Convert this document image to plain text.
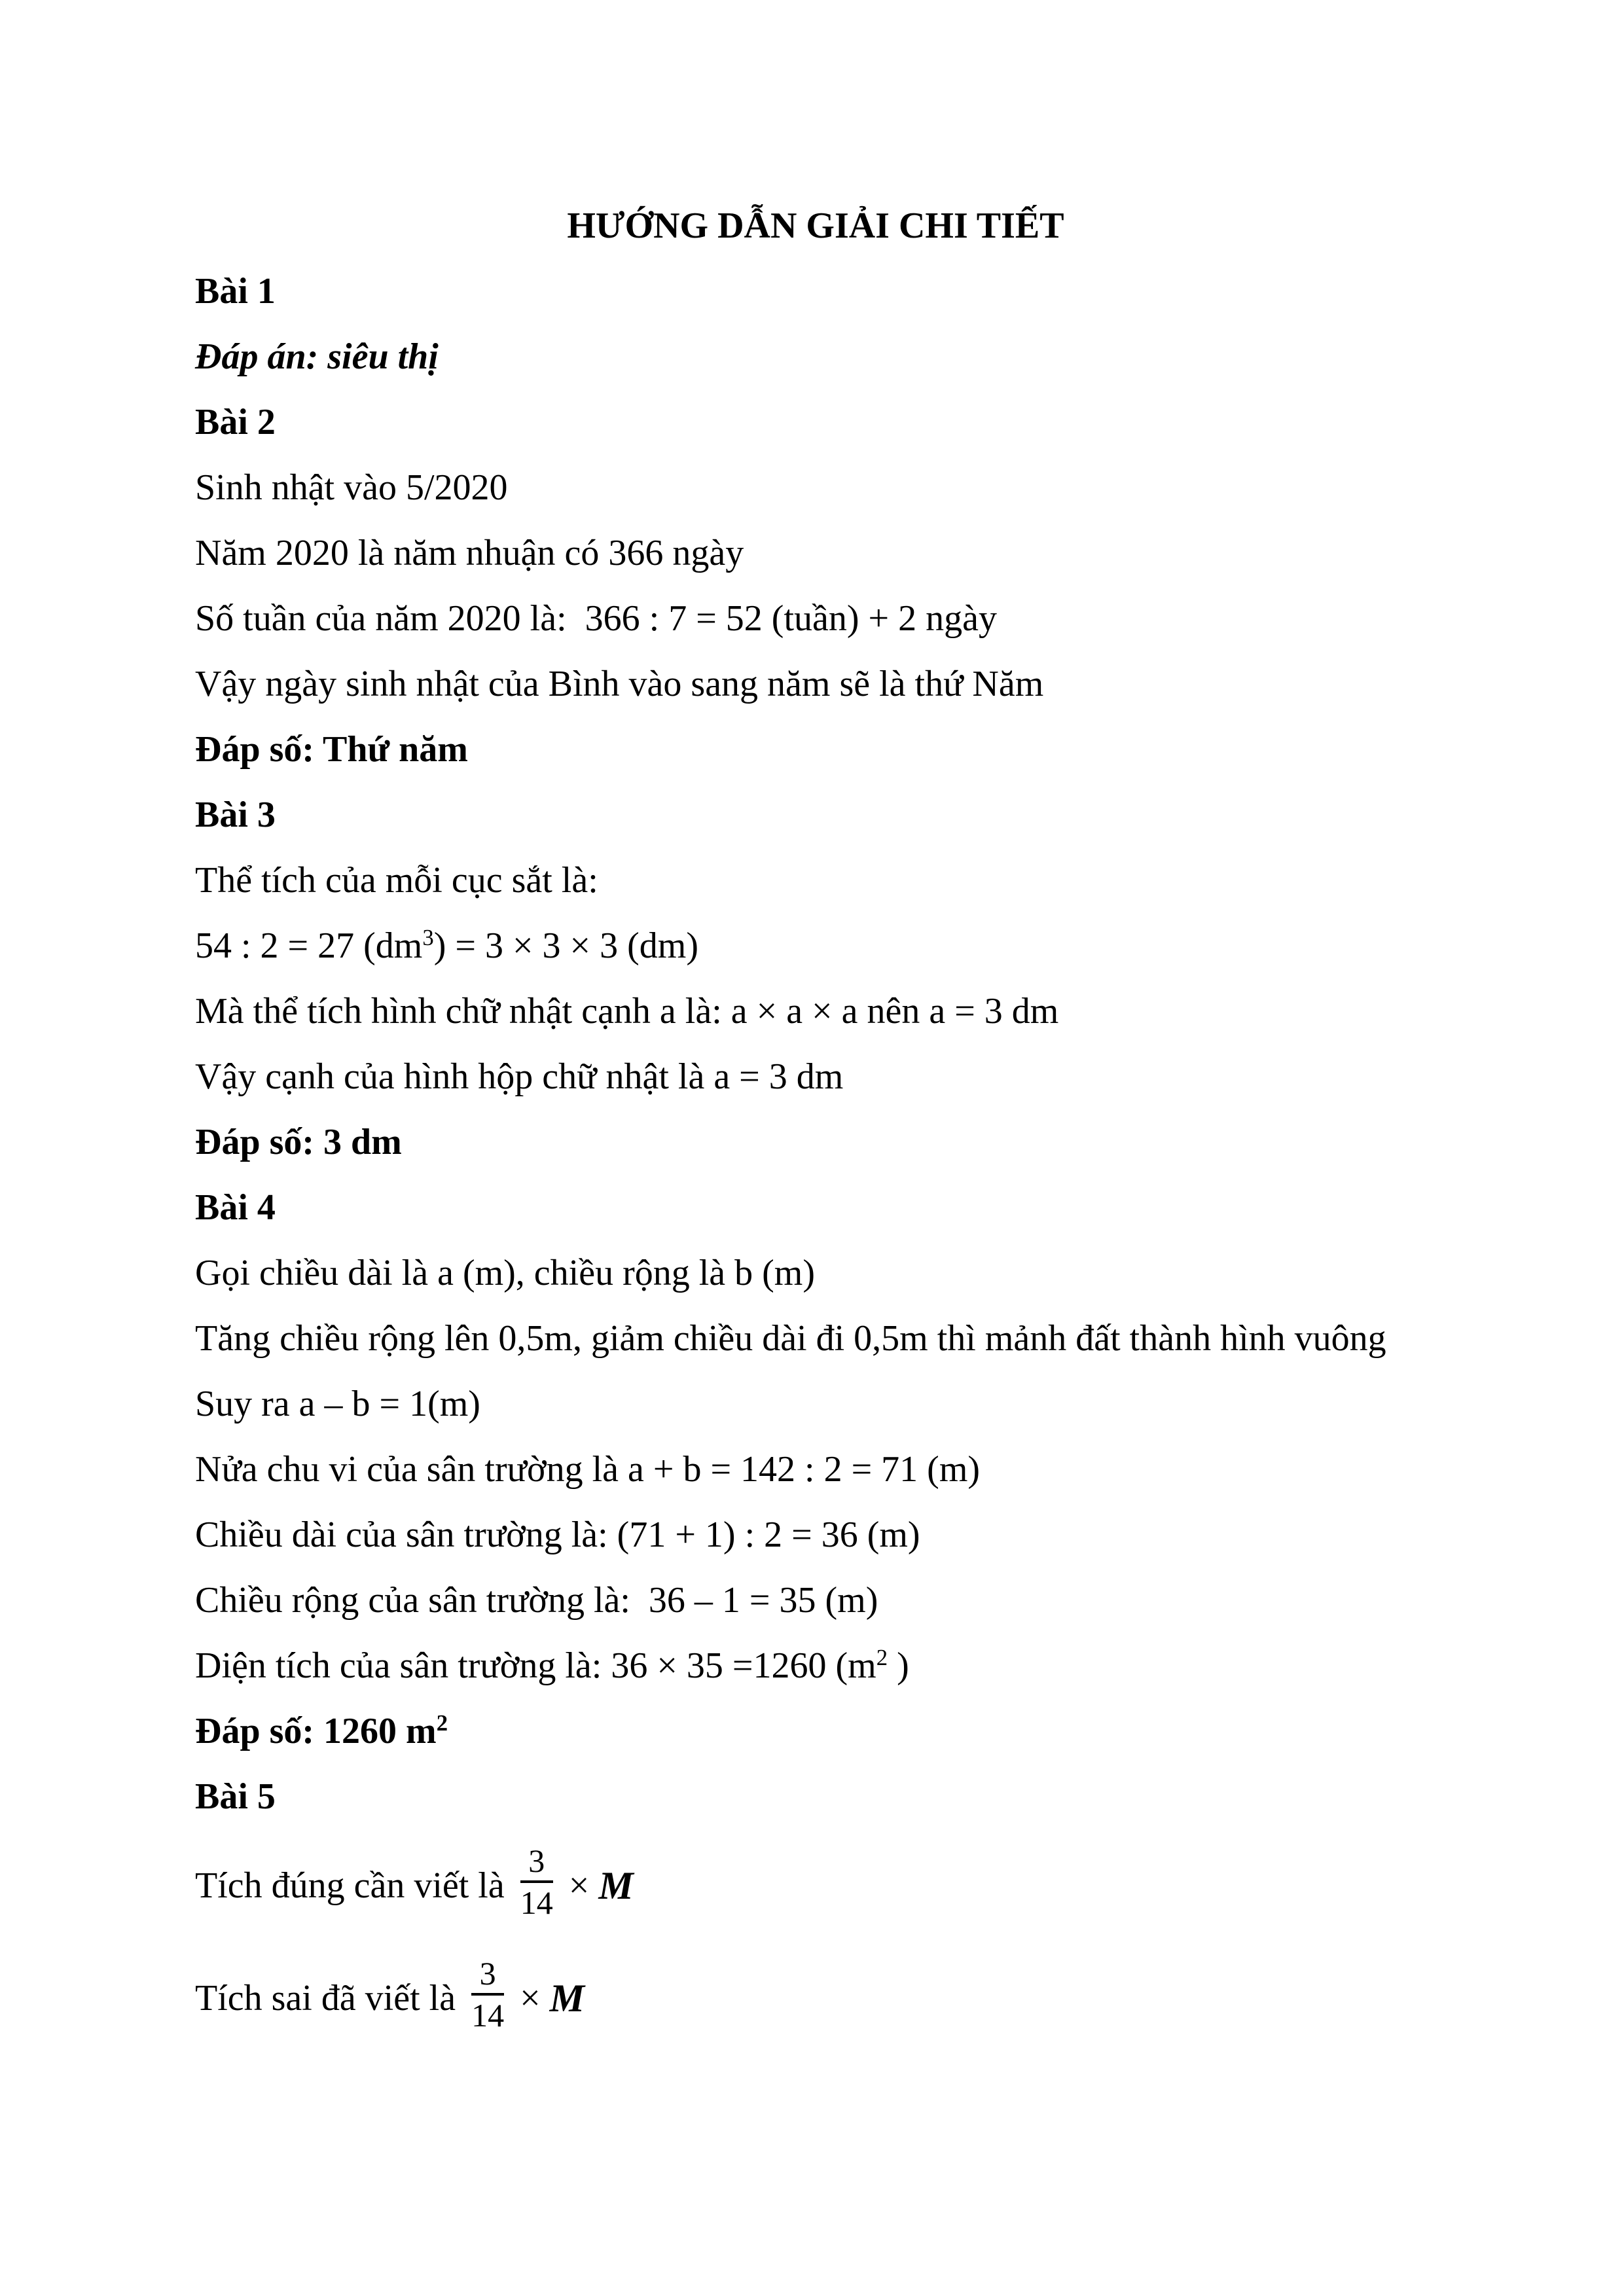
HƯỚNG DẪN GIẢI CHI TIẾT

Bài 1

Đáp án: siêu thị

Bài 2

Sinh nhật vào 5/2020

Năm 2020 là năm nhuận có 366 ngày

Số tuần của năm 2020 là:  366 : 7 = 52 (tuần) + 2 ngày

Vậy ngày sinh nhật của Bình vào sang năm sẽ là thứ Năm

Đáp số: Thứ năm

Bài 3

Thể tích của mỗi cục sắt là:

54 : 2 = 27 $(dm^3) = 3 \times 3 \times 3$ (dm)

Mà thể tích hình chữ nhật cạnh a là: a × a × a nên a = 3 dm

Vậy cạnh của hình hộp chữ nhật là a = 3 dm

Đáp số: 3 dm

Bài 4

Gọi chiều dài là a (m), chiều rộng là b (m)

Tăng chiều rộng lên 0,5m, giảm chiều dài đi 0,5m thì mảnh đất thành hình vuông

Suy ra a – b = 1(m)

Nửa chu vi của sân trường là a + b = 142 : 2 = 71 (m)

Chiều dài của sân trường là: (71 + 1) : 2 = 36 (m)

Chiều rộng của sân trường là:  36 – 1 = 35 (m)

Diện tích của sân trường là: 36 × 35 =1260 ($m^2$ )

Đáp số: 1260 $m^2$

Bài 5

Tích đúng cần viết là $\frac{3}{14} \times M$

Tích sai đã viết là $\frac{3}{14} \times M$
